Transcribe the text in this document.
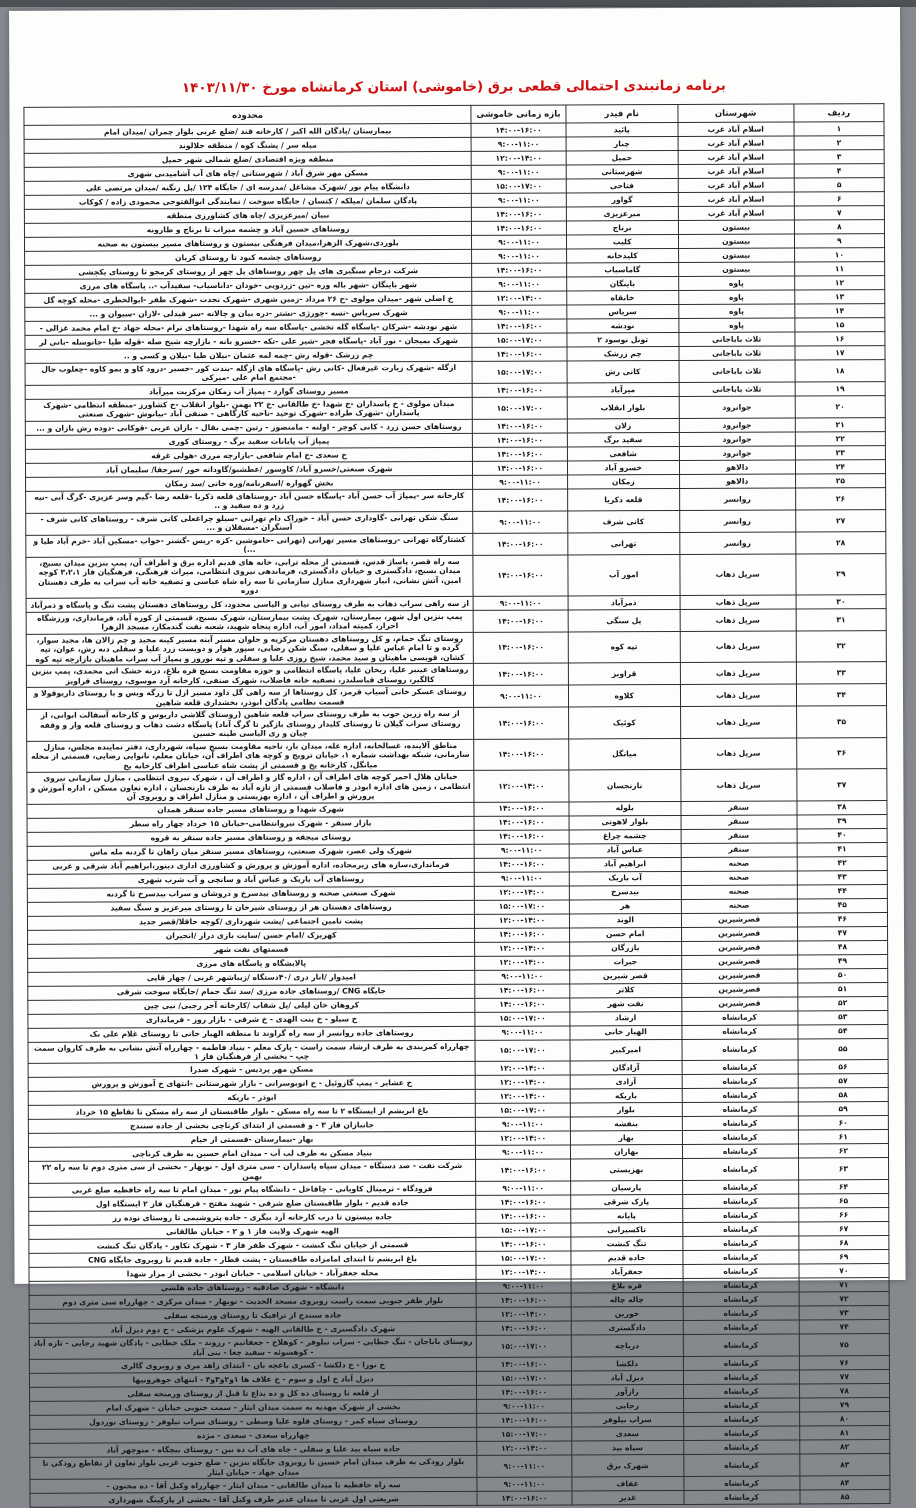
برنامه زمانبندی احتمالی قطعی برق (خاموشی) استان کرمانشاه مورخ ۱۴۰۳/۱۱/۳۰
ردیف	شهرستان	نام فیدر	بازه زمانی خاموشی	محدوده
۱	اسلام آباد غرب	پائید	۱۴:۰۰-۱۶:۰۰	بیمارستان /پادگان الله اکبر / کارخانه قند /ضلع غربی بلوار چمران /میدان امام
۲	اسلام آباد غرب	چنار	۹:۰۰-۱۱:۰۰	میله سر / پشنگ کوه / منطقه جلالوند
۳	اسلام آباد غرب	حمیل	۱۲:۰۰-۱۴:۰۰	منطقه ویژه اقتصادی /ضلع شمالی شهر حمیل
۴	اسلام آباد غرب	شهرستانی	۹:۰۰-۱۱:۰۰	مسکن مهر شرق آباد / شهرستانی /چاه های آب آشامیدنی شهری
۵	اسلام آباد غرب	فتاحی	۱۵:۰۰-۱۷:۰۰	دانشگاه پیام نور /شهرک مشاغل /مدرسه ای / جایگاه ۱۲۴ /پل زنگنه /میدان مرتضی علی
۶	اسلام آباد غرب	گواور	۹:۰۰-۱۱:۰۰	پادگان سلمان /میلکه / کتسان / جایگاه سوخت / نمایندگی ابوالفتوحی محمودی زاده / کوکاب
۷	اسلام آباد غرب	میرعزیزی	۱۴:۰۰-۱۶:۰۰	نبیان /میرعزیزی /چاه های کشاورزی منطقه
۸	بیستون	برناج	۱۴:۰۰-۱۶:۰۰	روستاهای حسین آباد و چشمه میراب تا برناج و طارونه
۹	بیستون	کلیب	۹:۰۰-۱۱:۰۰	بلوردی،شهرک الزهرا،میدان فرهنگی بیستون و روستاهای مسیر بیستون به صحنه
۱۰	بیستون	کلیدخانه	۹:۰۰-۱۱:۰۰	روستاهای چشمه کبود تا روستای کریان
۱۱	بیستون	گاماسیاب	۱۴:۰۰-۱۶:۰۰	شرکت درجام سنگبری های پل چهر روستاهای پل چهر از روستای کرمجو تا روستای یکچشی
۱۲	پاوه	باینگان	۹:۰۰-۱۱:۰۰	شهر باینگان -شهر باله وره -تین -زردویی -خودان -داناسیاب- سفیدآب -.. پاسگاه های مرزی
۱۳	پاوه	خانقاه	۱۲:۰۰-۱۴:۰۰	خ اصلی شهر -میدان مولوی -خ ۲۶ مرداد -زمین شهری -شهرک نجدت -شهرک ظفر -ابوالخطری -محله کوچه گل
۱۴	پاوه	سریاس	۹:۰۰-۱۱:۰۰	شهرک سریاس -تسه -چورژی -نشتر -دره بیان و چالانه -سر فیدلی -لازان -سیوان و ...
۱۵	پاوه	نودشه	۱۴:۰۰-۱۶:۰۰	شهر نودشه -شرکان -پاسگاه گله تخشی -پاسگاه سه راه شهدا -روستاهای نرام -محله جهاد -خ امام محمد غزالی -
۱۶	ثلاث باباجانی	تونل نوسود ۲	۱۵:۰۰-۱۷:۰۰	شهرک بمیجان - نور آباد -پاسگاه فجر -شیر علی -تکه -خسرو بانه - بازارچه شیخ صله -قوله طیا -جانوسله -بانی لر
۱۷	ثلاث باباجانی	چم زرشک	۱۴:۰۰-۱۶:۰۰	چم زرشک -قوله رش -چمه لمه عثمان -بیلان طیا -بیلان و کسی و ..
۱۸	ثلاث باباجانی	کانی رش	۱۵:۰۰-۱۷:۰۰	ازگله -شهرک زیارت غیرفعال -کانی رش -پاسگاه های ازگله -بندت کور -خسیر -درود کاو و بمو کاوه -چعلوب جال -مجتمع امام علی -میرکی
۱۹	ثلاث باباجانی	میرآباد	۱۴:۰۰-۱۶:۰۰	مسیر روستای گوارد - پمپاژ آب زمکان مرکزیت میرآباد
۲۰	جوانرود	بلوار انقلاب	۱۵:۰۰-۱۷:۰۰	میدان مولوی - خ پاسداران -خ شهدا -خ طالقانی -خ ۲۲ بهمن -بلوار انقلاب -خ کشاورز -منطقه انتظامی -شهرک پاسداران -شهرک طراده -شهرک توحید -ناحیه کارگاهی - صنفی آباد -بیانوش -شهرک صنعتی
۲۱	جوانرود	زلان	۱۴:۰۰-۱۶:۰۰	روستاهای حسن زرد - کانی کوچر - اولنه - مامنصور - رتین -چمی بقال - بازان عربی -قوکانی -دوده رش بازان و ...
۲۲	جوانرود	سفید برگ	۱۴:۰۰-۱۶:۰۰	پمپاژ آب پایانات سفید برگ - روستای کوری
۲۳	جوانرود	شافعی	۱۴:۰۰-۱۶:۰۰	خ سعدی -خ امام شافعی -بازارچه مرزی -هولی غرقه
۲۴	دالاهو	خسرو آباد	۱۴:۰۰-۱۶:۰۰	شهرک صنعتی/خسرو آباد/ کاوسور /عطشبو/گاودانه خور /سرجفا/ سلیمان آباد
۲۵	دالاهو	زمکان	۹:۰۰-۱۱:۰۰	بخش گهواره /اسفرنامه/وره خانی /سد زمکان
۲۶	روانسر	قلعه ذکریا	۱۴:۰۰-۱۶:۰۰	کارخانه سر -پمپاژ آب حسن آباد -پاسگاه حسن آباد -روستاهای قلعه ذکریا -قلعه رضا -گیم وسر عزیزی -گرگ آبی -نیه زرد و ده سفید و ..
۲۷	روانسر	کانی شرف	۹:۰۰-۱۱:۰۰	سنگ شکن تهرانی -گاوداری حسن آباد - خوراک دام تهرانی -سیلو چراغعلی کانی شرف - روستاهای کانی شرف - آسنگران -مسقلان و ...
۲۸	روانسر	تهرانی	۱۴:۰۰-۱۶:۰۰	کشتارگاه تهرانی -روستاهای مسیر تهرانی (تهرانی -خاموشین -کزه -ریس -گشنر -خواب -مسکین آباد -خرم آباد طیا و ...)
۲۹	سرپل ذهاب	امور آب	۱۴:۰۰-۱۶:۰۰	سه راه قصر، پاساژ قدس، قسمتی از محله ترابی، خانه های قدیم اداره برق و اطراف آن، پمپ بنزین میدان بسیج، میدان بسیج، دادگستری و خیابان دادگستری، فرماندهی نیروی انتظامی، میراث فرهنگی، فرهنگیان فاز ۳،۲،۱ کوچه امین، آتش نشانی، انبار شهرداری منازل سازمانی تا سه راه شاه عباسی و تصفیه خانه آب سراب به طرف دهستان دوره
۳۰	سرپل ذهاب	ذمرآباد	۹:۰۰-۱۱:۰۰	از سه راهی سراب ذهاب به طرف روستای نیانی و الیاسی محدود، کل روستاهای دهستان پشت تنگ و پاسگاه و ذمرآباد
۳۱	سرپل ذهاب	پل سنگی	۱۴:۰۰-۱۶:۰۰	پمپ بنزین اول شهر، بیمارستان، شهرک پشت بیمارستان، شهرک بسیج، قسمتی از کوره آباد، فرمانداری، ورزشگاه احرار، کمیته امداد، امور آب، اداره پنجاه شهید، شعبه نفت گندمکار، مسجد الزهرا
۳۲	سرپل ذهاب	تپه کوه	۱۴:۰۰-۱۶:۰۰	روستای تنگ حمام، و کل روستاهای دهستان مرکزیه و حلوان مسیر آینه مسیر کینه مجید و چم زالان ها، مجید سوار، گرده و تا امام عباس علیا و سفلی، سنگ شکن رضایی، سپور هوار و دویست زرد علیا و سفلی دنه رش، عوان، تپه کشان، قویسی ماهیتان و سید محمد، شیخ روزی علیا و سفلی و تپه نوروز و پمپاژ آب سراب ماهیتان بازارچه تپه کوه
۳۳	سرپل ذهاب	قراویز	۱۴:۰۰-۱۶:۰۰	روستاهای عینبر علیا، ریحان علیا، پاسگاه انتظامی و حوزه مقاومت بسیج قره بلاغ، درنه خشک اتی محمدی، پمپ بنزین کالگیر، روستای قباسلندر، تصفیه خانه فاضلاب، شهرک صنفی، کارخانه آرد موسوی، روستای قراویز
۳۴	سرپل ذهاب	کلاوه	۹:۰۰-۱۱:۰۰	روستای عسکر خانی آسیاب قرمز، کل روستاها از سه راهی گل داود مسیر ازل تا زرگه ویس و با روستای داریوقولا و قسمت نظامی پادگان ابوذر، بخشداری قلعه شاهین
۳۵	سرپل ذهاب	کوئیک	۱۴:۰۰-۱۶:۰۰	از سه راه زرین حوب به طرف روستای سراب قلعه شاهین (روستای گلاشی داریوس و کارخانه آسفالت ابوانی، از روستای سراب گیلان تا روستای کلیدار روستای بازگیر تا گرگ آباد) پاسگاه دشت ذهاب و روستای قلعه وار و وقفه چیان و ری الیاسی طینه حسین
۳۶	سرپل ذهاب	میانگل	۱۴:۰۰-۱۶:۰۰	مناطق آلاینده، غسالخانه، اداره غله، میدان بار، ناحیه مقاومت بسیج سپاه، شهرداری، دفتر نماینده مجلس، منازل سازمانی، شبکه بهداشت شماره ۱، خیابان ترویج و کوچه های اطراف آن، خیابان معلم، نانوایی رضایی، قسمتی از محله میانگل، کارخانه یخ و قسمتی از پشت شاه عباسی اطراف کارخانه یخ
۳۷	سرپل ذهاب	نارنجسان	۱۲:۰۰-۱۴:۰۰	خیابان هلال احمر کوچه های اطراف آن ، اداره گاز و اطراف آن ، شهرک نیروی انتظامی ، منازل سازمانی نیروی انتظامی ، زمین های اداره ابوذر و فاضلاب قسمتی از تازه آباد به طرف نارنجسان ، اداره تعاون مسکن ، اداره آموزش و پرورش و اطراف آن ، اداره بهزیستی و منازل اطراف و روبروی آن
۳۸	سنقر	بلوله	۱۴:۰۰-۱۶:۰۰	شهرک شهدا و روستاهای مسیر جاده سنقر همدان
۳۹	سنقر	بلوار لاهوتی	۱۴:۰۰-۱۶:۰۰	بازار سنقر - شهرک نیروانتظامی-خیابان ۱۵ خرداد چهار راه سطر
۴۰	سنقر	چشمه چراغ	۱۴:۰۰-۱۶:۰۰	روستای میجقه و روستاهای مسیر جاده سنقر به قروه
۴۱	سنقر	عباس آباد	۹:۰۰-۱۱:۰۰	شهرک ولی عصر، شهرک صنعتی، روستاهای مسیر سنقر میان راهان تا گردنه مله ماس
۴۲	صحنه	ابراهیم آباد	۱۴:۰۰-۱۶:۰۰	فرمانداری،سازه های زیرمجاده، اداره آموزش و پرورش و کشاورزی اداری دینور،ابراهیم آباد شرقی و غربی
۴۳	صحنه	آب باریک	۹:۰۰-۱۱:۰۰	روستاهای آب باریک و عباس آباد و سانچی و آب شرب شهری
۴۴	صحنه	بیدسرخ	۱۲:۰۰-۱۴:۰۰	شهرک صنعتی صحنه و روستاهای بیدسرخ و دروشان و سراب بیدسرخ تا گردنه
۴۵	صحنه	هر	۱۵:۰۰-۱۷:۰۰	روستاهای دهستان هر از روستای شیرخان تا روستای میرعزیز و سنگ سفید
۴۶	قصرشیرین	الوند	۱۲:۰۰-۱۴:۰۰	پشت تامین اجتماعی /پشت شهرداری /کوچه حاقلا/قصر جدید
۴۷	قصرشیرین	امام حسن	۱۴:۰۰-۱۶:۰۰	کهریزک /امام حسن /سایت بازی دراز /انجیران
۴۸	قصرشیرین	بازرگان	۱۲:۰۰-۱۴:۰۰	قسمتهای نفت شهر
۴۹	قصرشیرین	جبرات	۱۲:۰۰-۱۴:۰۰	پالایشگاه و پاسگاه های مرزی
۵۰	قصرشیرین	قصر شیرین	۹:۰۰-۱۱:۰۰	امیدوار /انار دری /۴۰دستگاه /زیباشهر غربی / چهار قاپی
۵۱	قصرشیرین	کلاتر	۱۴:۰۰-۱۶:۰۰	جایگاه CNG /روستاهای جاده مرزی /سد تنگ حمام /جایگاه سوخت شرقی
۵۲	قصرشیرین	نفت شهر	۱۴:۰۰-۱۶:۰۰	کروهان خان لیلی /پل شقاب /کارخانه آجر رجبی/ نبی چین
۵۳	کرمانشاه	ارشاد	۱۵:۰۰-۱۷:۰۰	خ سیلو - خ بنت الهدی - خ شرقی - بازار روز - فرمانداری
۵۴	کرمانشاه	الهیار خانی	۹:۰۰-۱۱:۰۰	روستاهای جاده روانسر از سه راه گراوند تا منطقه الهیار خانی تا روستای غلام علی بک
۵۵	کرمانشاه	امیرکبیر	۱۵:۰۰-۱۷:۰۰	چهارراه کمربندی به طرف ارشاد سمت راست - پارک معلم - بنیاد فاطمه - چهارراه آتش نشانی به طرف کاروان سمت چپ - بخشی از فرهنگیان فاز ۱
۵۶	کرمانشاه	آزادگان	۱۲:۰۰-۱۴:۰۰	مسکن مهر پردیس - شهرک صدرا
۵۷	کرمانشاه	آزادی	۱۲:۰۰-۱۴:۰۰	خ عشایر - پمپ گازوئیل - خ اتوبوسرانی - بازار شهرستانی -انتهای خ آموزش و پرورش
۵۸	کرمانشاه	باریکه	۱۲:۰۰-۱۴:۰۰	ابوذر - باریکه
۵۹	کرمانشاه	بلوار	۱۵:۰۰-۱۷:۰۰	باغ ابریشم از ایستگاه ۲ تا سه راه مسکن - بلوار طاقبستان از سه راه مسکن تا تقاطع ۱۵ خرداد
۶۰	کرمانشاه	بنفشه	۹:۰۰-۱۱:۰۰	جانبازان فاز ۳ - و قسمتی از ابتدای کرناچی بخشی از جاده سنندج
۶۱	کرمانشاه	بهار	۱۲:۰۰-۱۴:۰۰	بهار -بیمارستان -قسمتی از خیام
۶۲	کرمانشاه	بهاران	۹:۰۰-۱۱:۰۰	بنیاد مسکن به طرف لب آب - میدان امام حسین به طرف کرناچی
۶۳	کرمانشاه	بهزیستی	۱۴:۰۰-۱۶:۰۰	شرکت نفت - صد دستگاه - میدان سپاه پاسداران - سی متری اول - نوبهار - بخشی از سی متری دوم تا سه راه ۲۲ بهمن
۶۴	کرمانشاه	پارسیان	۹:۰۰-۱۱:۰۰	فرودگاه - ترمینال کاویانی - چاقاخل - دانشگاه پیام نور - میدان امام تا سه راه حافظیه ضلع غربی
۶۵	کرمانشاه	پارک شرقی	۱۴:۰۰-۱۶:۰۰	جاده قدیم - بلوار طاقبستان ضلع شرقی - شهید مفتح - فرهنگیان فاز ۲ ایستگاه اول
۶۶	کرمانشاه	پایانه	۱۴:۰۰-۱۶:۰۰	جاده بیستون تا درب کارخانه آرد بیگری - جاده پتروشیمی تا روستای نوده رز
۶۷	کرمانشاه	تاکسیرانی	۱۵:۰۰-۱۷:۰۰	الهیه شهرک ولایت فاز ۱ و ۲ - خیابان طالقانی
۶۸	کرمانشاه	تنگ کنشت	۱۴:۰۰-۱۶:۰۰	قسمتی از خیابان تنگ کنشت - شهرک ظفر فاز ۳ - شهرک تکاور - پادگان تنگ کنشت
۶۹	کرمانشاه	جاده قدیم	۱۵:۰۰-۱۷:۰۰	باغ ابریشم تا ابتدای امامزاده طاقبستان - پشت قطار - جاده قدیم تا روبروی جایگاه CNG
۷۰	کرمانشاه	جعفرآباد	۱۲:۰۰-۱۴:۰۰	محله جعفرآباد - خیابان اسلامی - خیابان ابوذر - بخشی از مزار شهدا
۷۱	کرمانشاه	قره بلاغ	۹:۰۰-۱۱:۰۰	دانشگاه - شهرک صادقیه - روستاهای جاده هلشی
۷۲	کرمانشاه	چاله چاله	۱۴:۰۰-۱۶:۰۰	بلوار ظفر جنوبی سمت راست روبروی مسجد الحدیث - نوبهار - میدان مرکزی - چهارراه سی متری دوم
۷۳	کرمانشاه	خورین	۱۲:۰۰-۱۴:۰۰	جاده سنندج از ترافیک تا روستای ورمنجه سفلی
۷۴	کرمانشاه	دادگستری	۱۴:۰۰-۱۶:۰۰	شهرک دادگستری - خ طالقانی الهیه - شهرک علوم پزشکی - خ دوم دیزل آباد
۷۵	کرمانشاه	دریاچه	۱۵:۰۰-۱۷:۰۰	روستای باباجان - تنگ خطایی - سراب نیلوفر - کوهلاخ - جعفانیم - رزوند - ملک خطایی - پادگان شهید رجایی - تازه آباد - کوهسوئه - سفید چغا - بنی آباد
۷۶	کرمانشاه	دلکشا	۱۴:۰۰-۱۶:۰۰	خ نورا - خ دلکشا - کسری باغچه بان - ابتدای زاهد مری و روبروی گالری
۷۷	کرمانشاه	دیزل آباد	۱۵:۰۰-۱۷:۰۰	دیزل آباد خ اول و سوم - خ علاف ها ۱و۲و۳و۴ - انتهای جوهرونیها
۷۸	کرمانشاه	رازآور	۱۴:۰۰-۱۶:۰۰	از قلعه تا روستای ده کل و ده بداغ تا قبل از روستای ورمنجه سفلی
۷۹	کرمانشاه	رجایی	۹:۰۰-۱۱:۰۰	بخشی از شهرک مهدیه به سمت میدان ایثار - سمت جنوبی خیابان - شهرک امام
۸۰	کرمانشاه	سراب نیلوفر	۱۴:۰۰-۱۶:۰۰	روستای سیاه کمر - روستای قلوه علیا وسطی - روستای سراب نیلوفر - روستای نوردول
۸۱	کرمانشاه	سعدی	۱۵:۰۰-۱۷:۰۰	چهارراه سعدی - سعدی - مژده
۸۲	کرمانشاه	سیاه بید	۱۲:۰۰-۱۴:۰۰	جاده سیاه بید علیا و سفلی - چاه های آب ده بین - روستای بیچگاه - منوچهر آباد
۸۳	کرمانشاه	شهرک برق	۹:۰۰-۱۱:۰۰	بلوار رودکی به طرف میدان امام حسین تا روبروی جایگاه بنزین - ضلع جنوب غربی بلوار تعاون از تقاطع رودکی تا میدان جهاد - خیابان ایثار
۸۴	کرمانشاه	عفاف	۹:۰۰-۱۱:۰۰	سه راه حافظیه تا میدان طالقانی - میدان ایثار - چهارراه وکیل آقا - ده مجنون -
۸۵	کرمانشاه	غدیر	۱۴:۰۰-۱۶:۰۰	شریعتی اول غربی تا میدان غدیر طرف وکیل آقا - بخشی از پارکینگ شهرداری
